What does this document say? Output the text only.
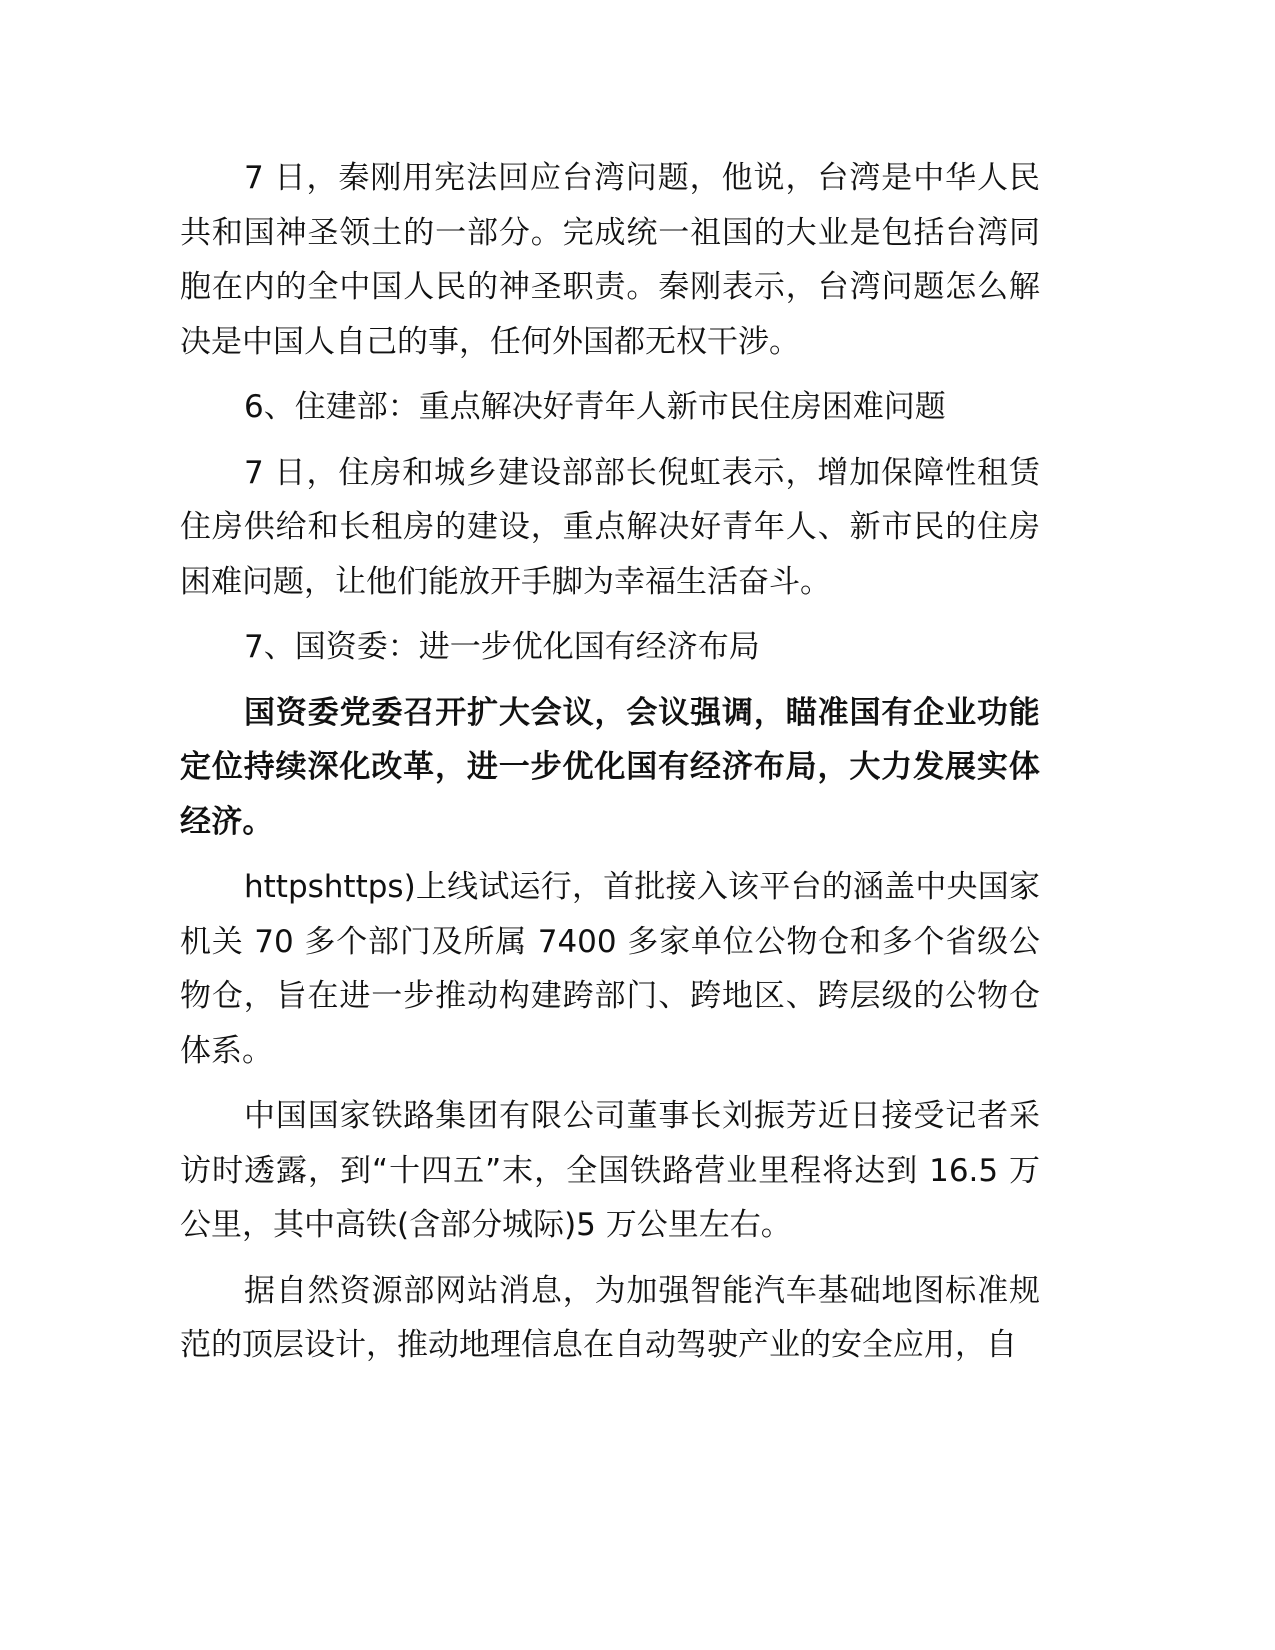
7 日，秦刚用宪法回应台湾问题，他说，台湾是中华人民共和国神圣领土的一部分。完成统一祖国的大业是包括台湾同胞在内的全中国人民的神圣职责。秦刚表示，台湾问题怎么解决是中国人自己的事，任何外国都无权干涉。

6、住建部：重点解决好青年人新市民住房困难问题

7 日，住房和城乡建设部部长倪虹表示，增加保障性租赁住房供给和长租房的建设，重点解决好青年人、新市民的住房困难问题，让他们能放开手脚为幸福生活奋斗。

7、国资委：进一步优化国有经济布局

国资委党委召开扩大会议，会议强调，瞄准国有企业功能定位持续深化改革，进一步优化国有经济布局，大力发展实体经济。

httpshttps)上线试运行，首批接入该平台的涵盖中央国家机关 70 多个部门及所属 7400 多家单位公物仓和多个省级公物仓，旨在进一步推动构建跨部门、跨地区、跨层级的公物仓体系。

中国国家铁路集团有限公司董事长刘振芳近日接受记者采访时透露，到“十四五”末，全国铁路营业里程将达到 16.5 万公里，其中高铁(含部分城际)5 万公里左右。

据自然资源部网站消息，为加强智能汽车基础地图标准规范的顶层设计，推动地理信息在自动驾驶产业的安全应用，自
